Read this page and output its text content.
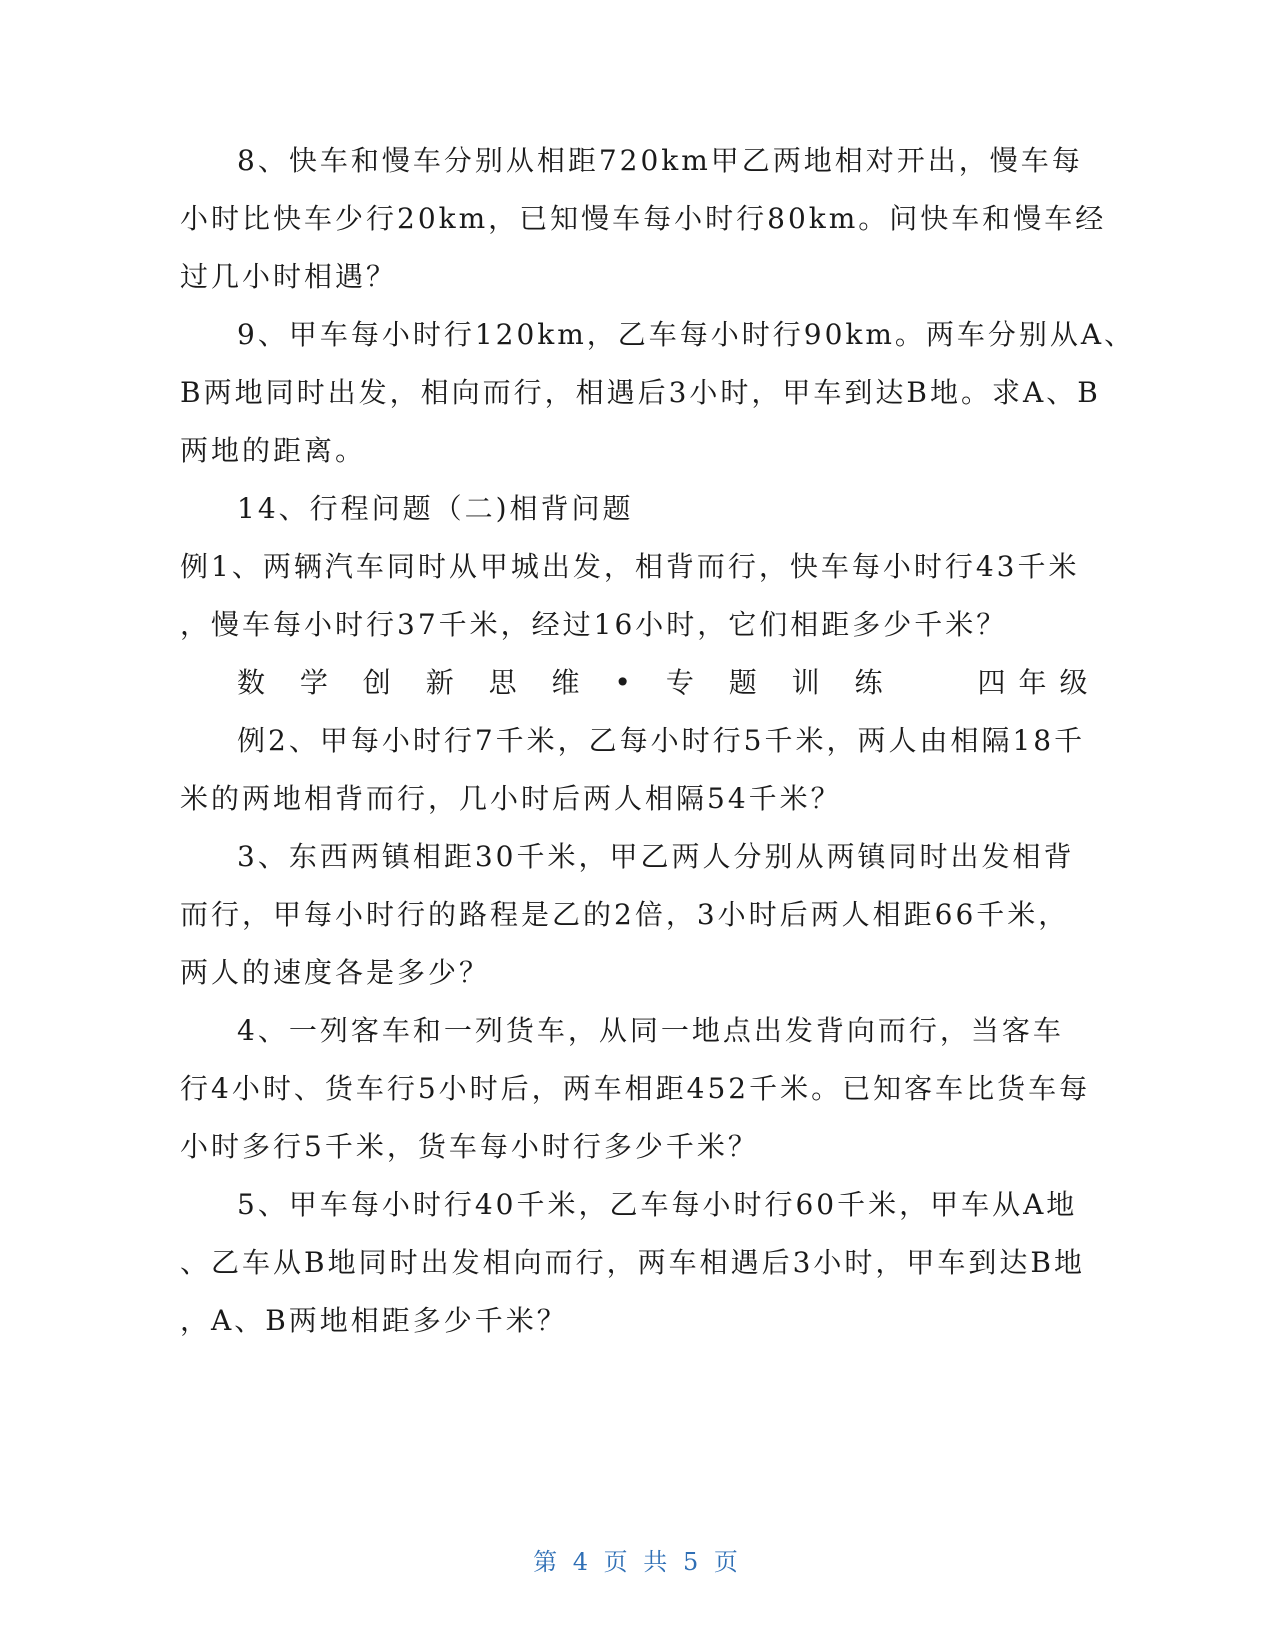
8、快车和慢车分别从相距720km甲乙两地相对开出，慢车每
小时比快车少行20km，已知慢车每小时行80km。问快车和慢车经
过几小时相遇？
9、甲车每小时行120km，乙车每小时行90km。两车分别从A、
B两地同时出发，相向而行，相遇后3小时，甲车到达B地。求A、B
两地的距离。
14、行程问题（二)相背问题
例1、两辆汽车同时从甲城出发，相背而行，快车每小时行43千米
，慢车每小时行37千米，经过16小时，它们相距多少千米？
数 学 创 新 思 维 • 专 题 训 练　　四年级
例2、甲每小时行7千米，乙每小时行5千米，两人由相隔18千
米的两地相背而行，几小时后两人相隔54千米？
3、东西两镇相距30千米，甲乙两人分别从两镇同时出发相背
而行，甲每小时行的路程是乙的2倍，3小时后两人相距66千米，
两人的速度各是多少？
4、一列客车和一列货车，从同一地点出发背向而行，当客车
行4小时、货车行5小时后，两车相距452千米。已知客车比货车每
小时多行5千米，货车每小时行多少千米？
5、甲车每小时行40千米，乙车每小时行60千米，甲车从A地
、乙车从B地同时出发相向而行，两车相遇后3小时，甲车到达B地
，A、B两地相距多少千米？
第 4 页 共 5 页
